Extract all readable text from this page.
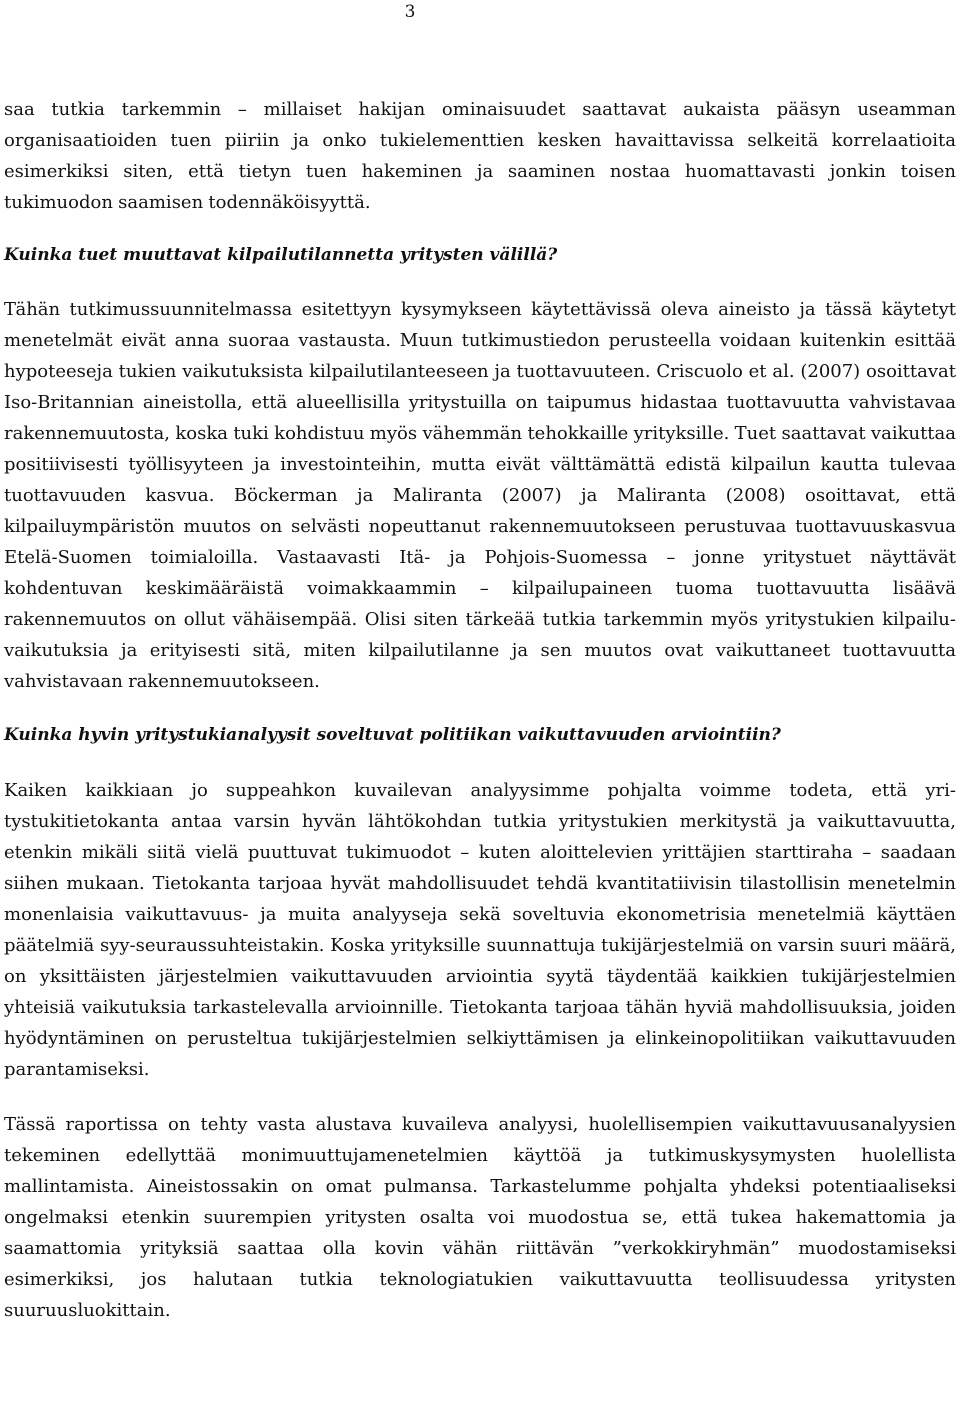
3

saa tutkia tarkemmin – millaiset hakijan ominaisuudet saattavat aukaista pääsyn useamman organisaatioiden tuen piiriin ja onko tukielementtien kesken havaittavissa selkeitä korrelaatioita esimerkiksi siten, että tietyn tuen hakeminen ja saaminen nostaa huomattavasti jonkin toisen tukimuodon saamisen todennäköisyyttä.

Kuinka tuet muuttavat kilpailutilannetta yritysten välillä?

Tähän tutkimussuunnitelmassa esitettyyn kysymykseen käytettävissä oleva aineisto ja tässä käytetyt menetelmät eivät anna suoraa vastausta. Muun tutkimustiedon perusteella voidaan kuitenkin esittää hypoteeseja tukien vaikutuksista kilpailutilanteeseen ja tuottavuuteen. Criscuolo et al. (2007) osoittavat Iso-Britannian aineistolla, että alueellisilla yritystuilla on taipumus hidastaa tuottavuutta vahvistavaa rakennemuutosta, koska tuki kohdistuu myös vähemmän tehokkaille yrityksille. Tuet saattavat vaikuttaa positiivisesti työllisyyteen ja investointeihin, mutta eivät välttämättä edistä kilpailun kautta tulevaa tuottavuuden kasvua. Böckerman ja Maliranta (2007) ja Maliranta (2008) osoittavat, että kilpailuympäristön muutos on selvästi nopeuttanut rakennemuutokseen perustuvaa tuottavuuskasvua Etelä-Suomen toimialoilla. Vastaavasti Itä- ja Pohjois-Suomessa – jonne yritystuet näyttävät kohdentuvan keskimääräistä voimakkaammin – kilpailupaineen tuoma tuottavuutta lisäävä rakennemuutos on ollut vähäisempää. Olisi siten tärkeää tutkia tarkemmin myös yritystukien kilpailuvaikutuksia ja erityisesti sitä, miten kilpailutilanne ja sen muutos ovat vaikuttaneet tuottavuutta vahvistavaan rakennemuutokseen.

Kuinka hyvin yritystukianalyysit soveltuvat politiikan vaikuttavuuden arviointiin?

Kaiken kaikkiaan jo suppeahkon kuvailevan analyysimme pohjalta voimme todeta, että yritystukitietokanta antaa varsin hyvän lähtökohdan tutkia yritystukien merkitystä ja vaikuttavuutta, etenkin mikäli siitä vielä puuttuvat tukimuodot – kuten aloittelevien yrittäjien starttiraha – saadaan siihen mukaan. Tietokanta tarjoaa hyvät mahdollisuudet tehdä kvantitatiivisin tilastollisin menetelmin monenlaisia vaikuttavuus- ja muita analyyseja sekä soveltuvia ekonometrisia menetelmiä käyttäen päätelmiä syy-seuraussuhteistakin. Koska yrityksille suunnattuja tukijärjestelmiä on varsin suuri määrä, on yksittäisten järjestelmien vaikuttavuuden arviointia syytä täydentää kaikkien tukijärjestelmien yhteisiä vaikutuksia tarkastelevalla arvioinnille. Tietokanta tarjoaa tähän hyviä mahdollisuuksia, joiden hyödyntäminen on perusteltua tukijärjestelmien selkiyttämisen ja elinkeinopolitiikan vaikuttavuuden parantamiseksi.

Tässä raportissa on tehty vasta alustava kuvaileva analyysi, huolellisempien vaikuttavuusanalyysien tekeminen edellyttää monimuuttujamenetelmien käyttöä ja tutkimuskysymysten huolellista mallintamista. Aineistossakin on omat pulmansa. Tarkastelumme pohjalta yhdeksi potentiaaliseksi ongelmaksi etenkin suurempien yritysten osalta voi muodostua se, että tukea hakemattomia ja saamattomia yrityksiä saattaa olla kovin vähän riittävän ”verkokkiryhmän” muodostamiseksi esimerkiksi, jos halutaan tutkia teknologiatukien vaikuttavuutta teollisuudessa yritysten suuruusluokittain.
